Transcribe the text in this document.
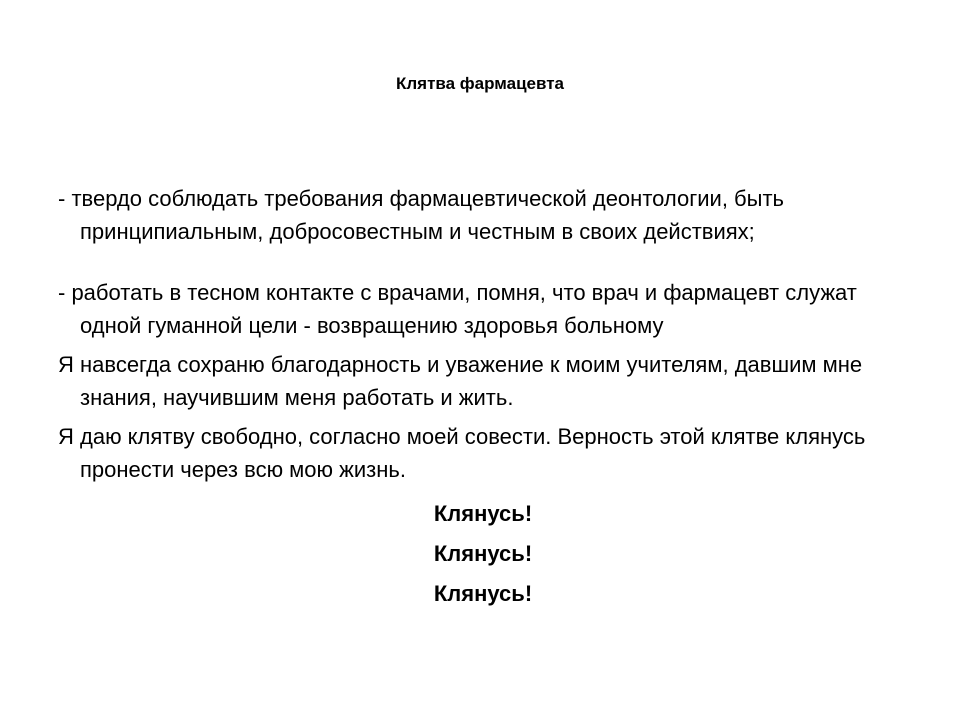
Клятва фармацевта

- твердо соблюдать требования фармацевтической деонтологии, быть принципиальным, добросовестным и честным в своих действиях;

- работать в тесном контакте с врачами, помня, что врач и фармацевт служат одной гуманной цели - возвращению здоровья больному

Я навсегда сохраню благодарность и уважение к моим учителям, давшим мне знания, научившим меня работать и жить.

Я даю клятву свободно, согласно моей совести. Верность этой клятве клянусь пронести через всю мою жизнь.

Клянусь!

Клянусь!

Клянусь!
